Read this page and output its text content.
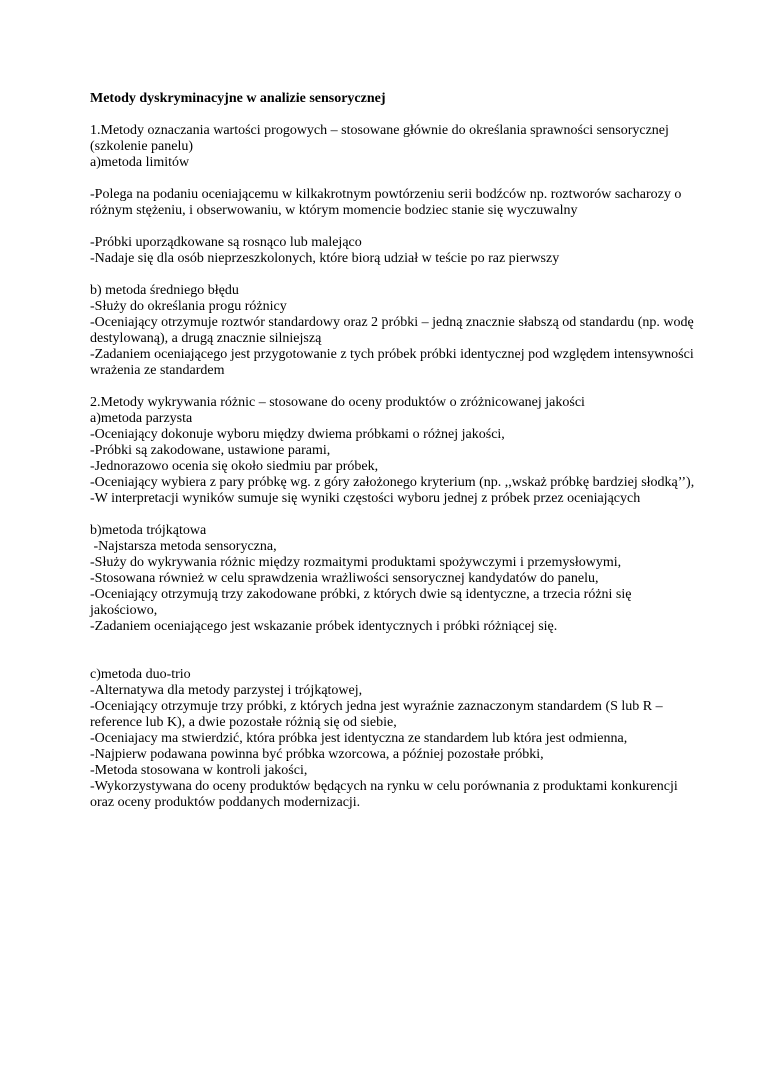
Metody dyskryminacyjne w analizie sensorycznej
1.Metody oznaczania wartości progowych – stosowane głównie do określania sprawności sensorycznej (szkolenie panelu)
a)metoda limitów
-Polega na podaniu oceniającemu w kilkakrotnym powtórzeniu serii bodźców np. roztworów sacharozy o różnym stężeniu, i obserwowaniu, w którym momencie bodziec stanie się wyczuwalny
-Próbki uporządkowane są rosnąco lub malejąco
-Nadaje się dla osób nieprzeszkolonych, które biorą udział w teście po raz pierwszy
b) metoda średniego błędu
-Służy do określania progu różnicy
-Oceniający otrzymuje roztwór standardowy oraz 2 próbki – jedną znacznie słabszą od standardu (np. wodę destylowaną), a drugą znacznie silniejszą
-Zadaniem oceniającego jest przygotowanie z tych próbek próbki identycznej pod względem intensywności wrażenia ze standardem
2.Metody wykrywania różnic – stosowane do oceny produktów o zróżnicowanej jakości
a)metoda parzysta
-Oceniający dokonuje wyboru między dwiema próbkami o różnej jakości,
-Próbki są zakodowane, ustawione parami,
-Jednorazowo ocenia się około siedmiu par próbek,
-Oceniający wybiera z pary próbkę wg. z góry założonego kryterium (np. ,,wskaż próbkę bardziej słodką’’),
-W interpretacji wyników sumuje się wyniki częstości wyboru jednej z próbek przez oceniających
b)metoda trójkątowa
-Najstarsza metoda sensoryczna,
-Służy do wykrywania różnic między rozmaitymi produktami spożywczymi i przemysłowymi,
-Stosowana również w celu sprawdzenia wrażliwości sensorycznej kandydatów do panelu,
-Oceniający otrzymują trzy zakodowane próbki, z których dwie są identyczne, a trzecia różni się jakościowo,
-Zadaniem oceniającego jest wskazanie próbek identycznych i próbki różniącej się.
c)metoda duo-trio
-Alternatywa dla metody parzystej i trójkątowej,
-Oceniający otrzymuje trzy próbki, z których jedna jest wyraźnie zaznaczonym standardem (S lub R – reference lub K), a dwie pozostałe różnią się od siebie,
-Oceniajacy ma stwierdzić, która próbka jest identyczna ze standardem lub która jest odmienna,
-Najpierw podawana powinna być próbka wzorcowa, a później pozostałe próbki,
-Metoda stosowana w kontroli jakości,
-Wykorzystywana do oceny produktów będących na rynku w celu porównania z produktami konkurencji oraz oceny produktów poddanych modernizacji.
